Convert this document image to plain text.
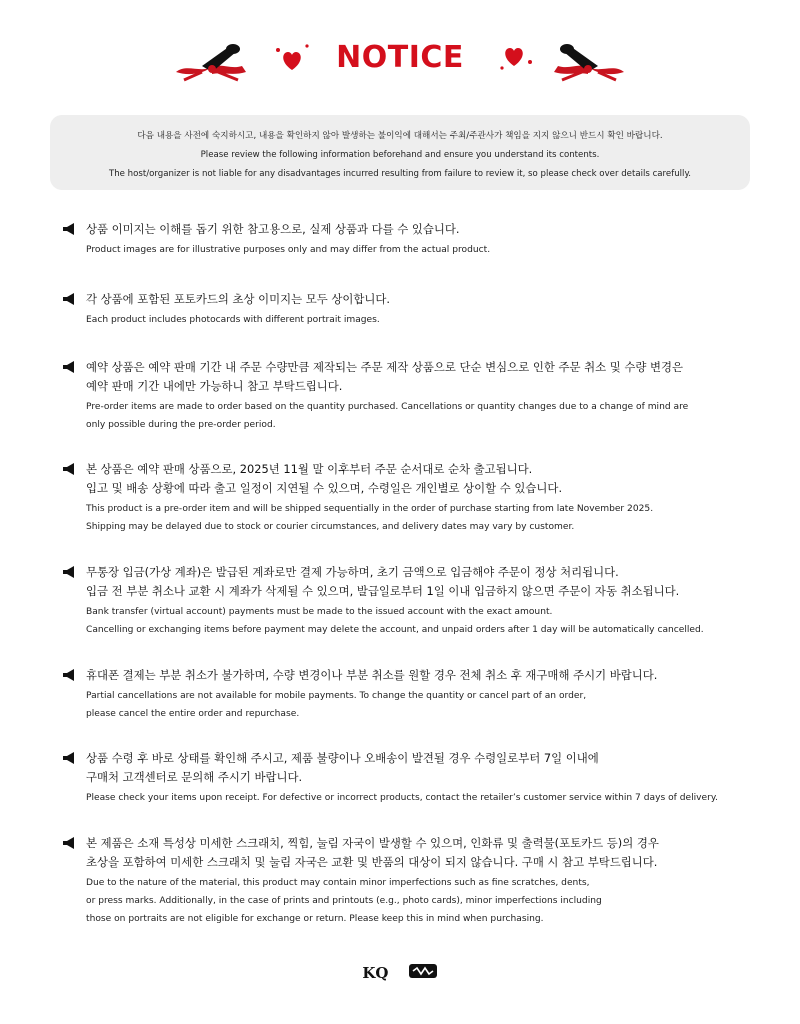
NOTICE
다음 내용을 사전에 숙지하시고, 내용을 확인하지 않아 발생하는 불이익에 대해서는 주최/주관사가 책임을 지지 않으니 반드시 확인 바랍니다.
Please review the following information beforehand and ensure you understand its contents.
The host/organizer is not liable for any disadvantages incurred resulting from failure to review it, so please check over details carefully.
상품 이미지는 이해를 돕기 위한 참고용으로, 실제 상품과 다를 수 있습니다.
Product images are for illustrative purposes only and may differ from the actual product.
각 상품에 포함된 포토카드의 초상 이미지는 모두 상이합니다.
Each product includes photocards with different portrait images.
예약 상품은 예약 판매 기간 내 주문 수량만큼 제작되는 주문 제작 상품으로 단순 변심으로 인한 주문 취소 및 수량 변경은
예약 판매 기간 내에만 가능하니 참고 부탁드립니다.
Pre-order items are made to order based on the quantity purchased. Cancellations or quantity changes due to a change of mind are
only possible during the pre-order period.
본 상품은 예약 판매 상품으로, 2025년 11월 말 이후부터 주문 순서대로 순차 출고됩니다.
입고 및 배송 상황에 따라 출고 일정이 지연될 수 있으며, 수령일은 개인별로 상이할 수 있습니다.
This product is a pre-order item and will be shipped sequentially in the order of purchase starting from late November 2025.
Shipping may be delayed due to stock or courier circumstances, and delivery dates may vary by customer.
무통장 입금(가상 계좌)은 발급된 계좌로만 결제 가능하며, 초기 금액으로 입금해야 주문이 정상 처리됩니다.
입금 전 부분 취소나 교환 시 계좌가 삭제될 수 있으며, 발급일로부터 1일 이내 입금하지 않으면 주문이 자동 취소됩니다.
Bank transfer (virtual account) payments must be made to the issued account with the exact amount.
Cancelling or exchanging items before payment may delete the account, and unpaid orders after 1 day will be automatically cancelled.
휴대폰 결제는 부분 취소가 불가하며, 수량 변경이나 부분 취소를 원할 경우 전체 취소 후 재구매해 주시기 바랍니다.
Partial cancellations are not available for mobile payments. To change the quantity or cancel part of an order,
please cancel the entire order and repurchase.
상품 수령 후 바로 상태를 확인해 주시고, 제품 불량이나 오배송이 발견될 경우 수령일로부터 7일 이내에
구매처 고객센터로 문의해 주시기 바랍니다.
Please check your items upon receipt. For defective or incorrect products, contact the retailer’s customer service within 7 days of delivery.
본 제품은 소재 특성상 미세한 스크래치, 찍힘, 눌림 자국이 발생할 수 있으며, 인화류 및 출력물(포토카드 등)의 경우
초상을 포함하여 미세한 스크래치 및 눌림 자국은 교환 및 반품의 대상이 되지 않습니다. 구매 시 참고 부탁드립니다.
Due to the nature of the material, this product may contain minor imperfections such as fine scratches, dents,
or press marks. Additionally, in the case of prints and printouts (e.g., photo cards), minor imperfections including
those on portraits are not eligible for exchange or return. Please keep this in mind when purchasing.
KQ
